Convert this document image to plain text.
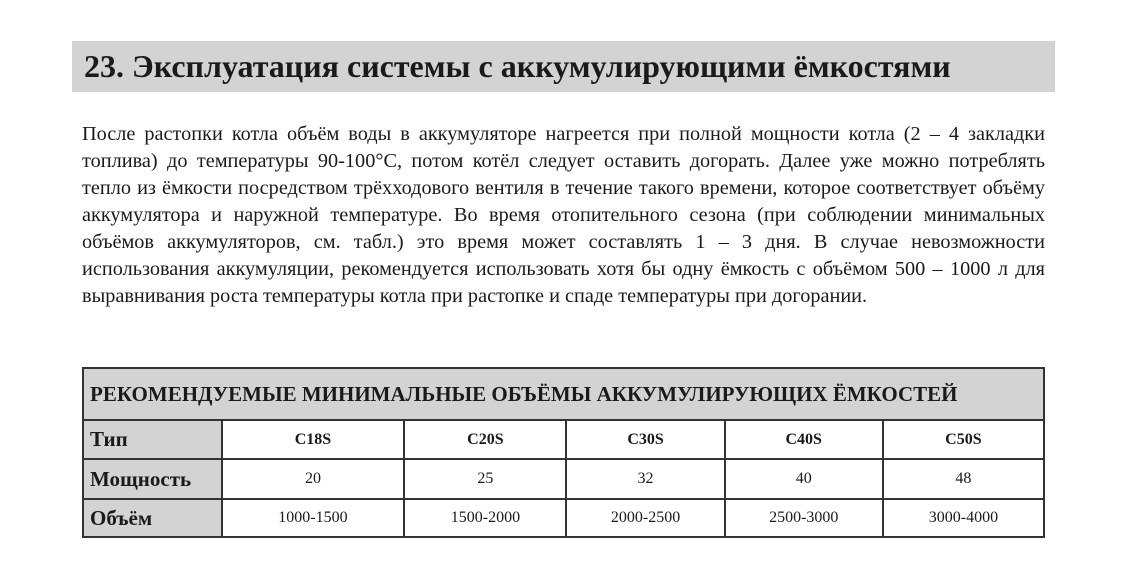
23. Эксплуатация системы с аккумулирующими ёмкостями

После растопки котла объём воды в аккумуляторе нагреется при полной мощности котла (2 – 4 закладки топлива) до температуры 90-100°С, потом котёл следует оставить догорать. Далее уже можно потреблять тепло из ёмкости посредством трёхходового вентиля в течение такого времени, которое соответствует объёму аккумулятора и наружной температуре. Во время отопительного сезона (при соблюдении минимальных объёмов аккумуляторов, см. табл.) это время может составлять 1 – 3 дня. В случае невозможности использования аккумуляции, рекомендуется использовать хотя бы одну ёмкость с объёмом 500 – 1000 л для выравнивания роста температуры котла при растопке и спаде температуры при догорании.

РЕКОМЕНДУЕМЫЕ МИНИМАЛЬНЫЕ ОБЪЁМЫ АККУМУЛИРУЮЩИХ ЁМКОСТЕЙ					
Тип	C18S	C20S	C30S	C40S	C50S
Мощность	20	25	32	40	48
Объём	1000-1500	1500-2000	2000-2500	2500-3000	3000-4000
